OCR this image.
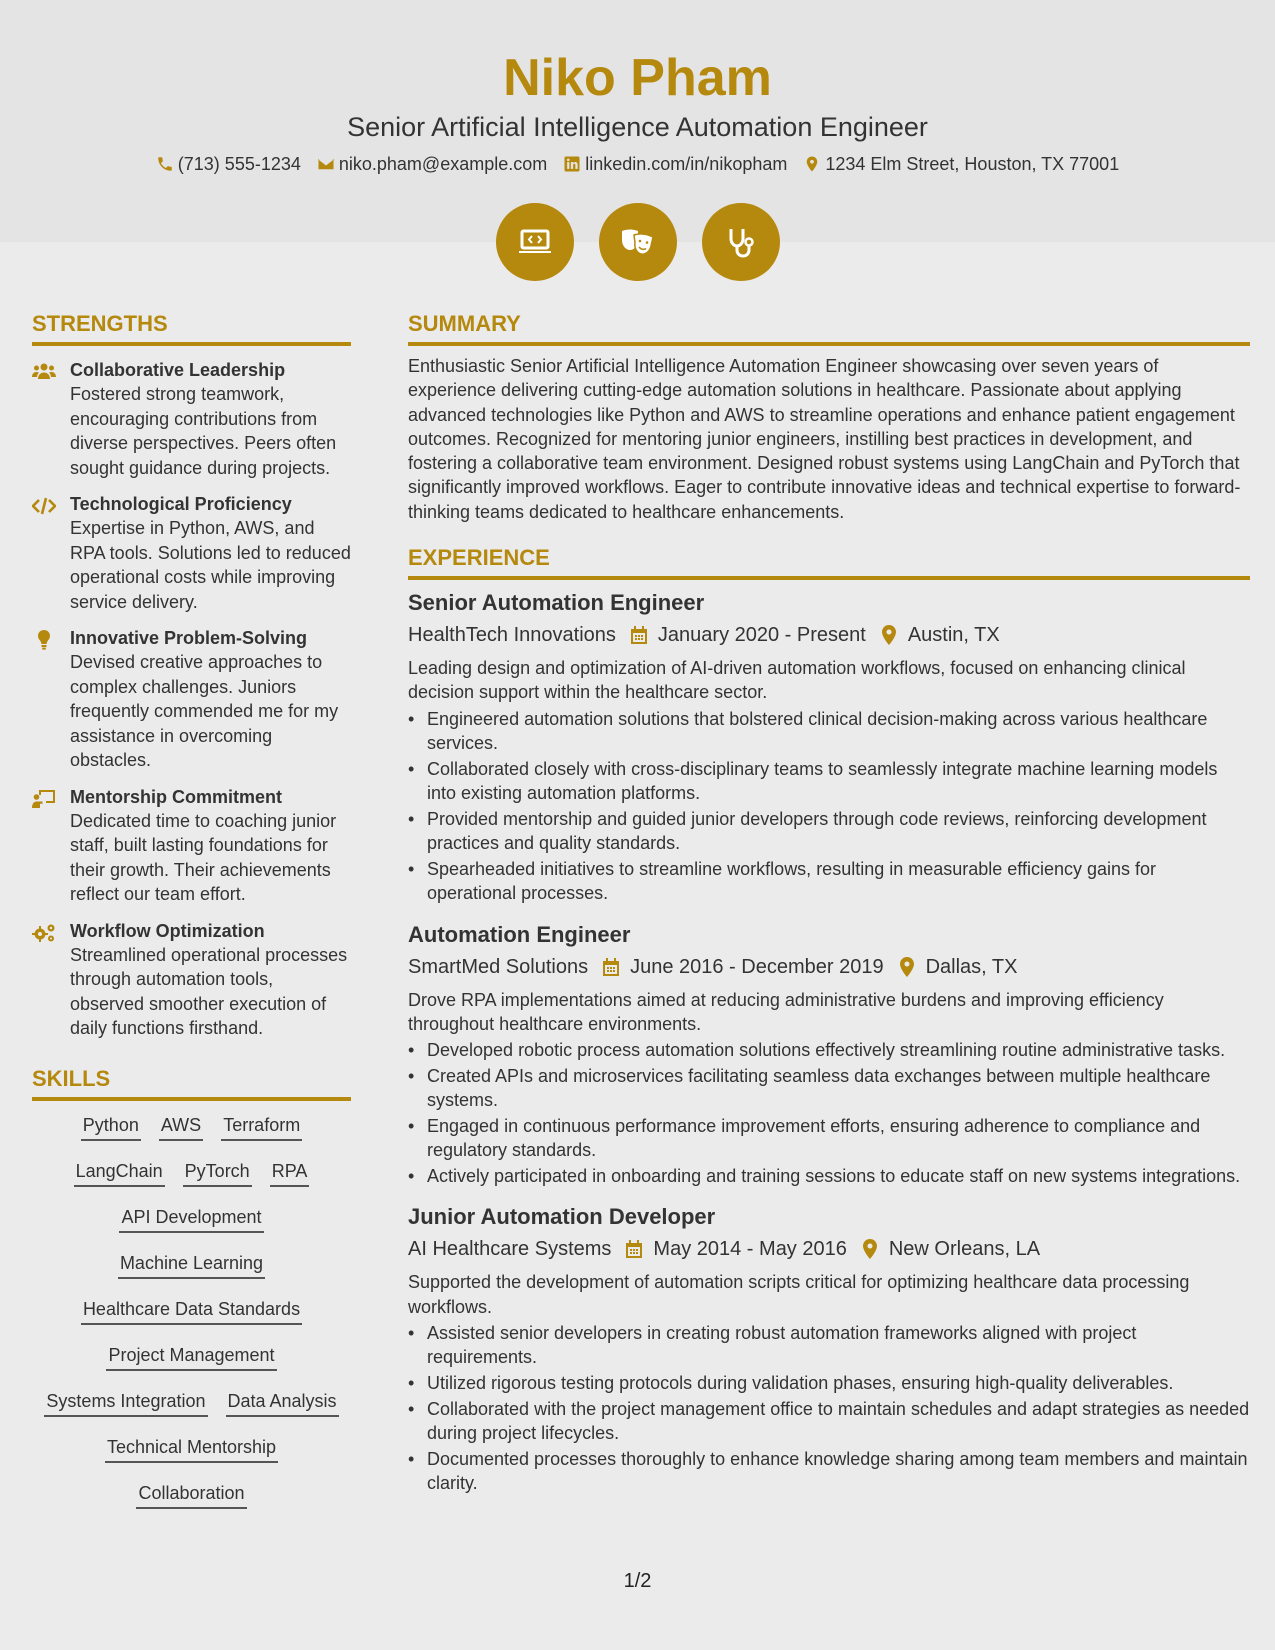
Niko Pham
Senior Artificial Intelligence Automation Engineer
(713) 555-1234 niko.pham@example.com linkedin.com/in/nikopham 1234 Elm Street, Houston, TX 77001
STRENGTHS
Collaborative Leadership
Fostered strong teamwork, encouraging contributions from diverse perspectives. Peers often sought guidance during projects.
Technological Proficiency
Expertise in Python, AWS, and RPA tools. Solutions led to reduced operational costs while improving service delivery.
Innovative Problem-Solving
Devised creative approaches to complex challenges. Juniors frequently commended me for my assistance in overcoming obstacles.
Mentorship Commitment
Dedicated time to coaching junior staff, built lasting foundations for their growth. Their achievements reflect our team effort.
Workflow Optimization
Streamlined operational processes through automation tools, observed smoother execution of daily functions firsthand.
SKILLS
Python AWS Terraform
LangChain PyTorch RPA
API Development
Machine Learning
Healthcare Data Standards
Project Management
Systems Integration Data Analysis
Technical Mentorship
Collaboration
SUMMARY

Enthusiastic Senior Artificial Intelligence Automation Engineer showcasing over seven years of experience delivering cutting-edge automation solutions in healthcare. Passionate about applying advanced technologies like Python and AWS to streamline operations and enhance patient engagement outcomes. Recognized for mentoring junior engineers, instilling best practices in development, and fostering a collaborative team environment. Designed robust systems using LangChain and PyTorch that significantly improved workflows. Eager to contribute innovative ideas and technical expertise to forward-thinking teams dedicated to healthcare enhancements.

EXPERIENCE
Senior Automation Engineer
HealthTech Innovations January 2020 - Present Austin, TX

Leading design and optimization of AI-driven automation workflows, focused on enhancing clinical decision support within the healthcare sector.

• Engineered automation solutions that bolstered clinical decision-making across various healthcare services.
• Collaborated closely with cross-disciplinary teams to seamlessly integrate machine learning models into existing automation platforms.
• Provided mentorship and guided junior developers through code reviews, reinforcing development practices and quality standards.
• Spearheaded initiatives to streamline workflows, resulting in measurable efficiency gains for operational processes.
Automation Engineer
SmartMed Solutions June 2016 - December 2019 Dallas, TX

Drove RPA implementations aimed at reducing administrative burdens and improving efficiency throughout healthcare environments.

• Developed robotic process automation solutions effectively streamlining routine administrative tasks.
• Created APIs and microservices facilitating seamless data exchanges between multiple healthcare systems.
• Engaged in continuous performance improvement efforts, ensuring adherence to compliance and regulatory standards.
• Actively participated in onboarding and training sessions to educate staff on new systems integrations.
Junior Automation Developer
AI Healthcare Systems May 2014 - May 2016 New Orleans, LA

Supported the development of automation scripts critical for optimizing healthcare data processing workflows.

• Assisted senior developers in creating robust automation frameworks aligned with project requirements.
• Utilized rigorous testing protocols during validation phases, ensuring high-quality deliverables.
• Collaborated with the project management office to maintain schedules and adapt strategies as needed during project lifecycles.
• Documented processes thoroughly to enhance knowledge sharing among team members and maintain clarity.
1/2
